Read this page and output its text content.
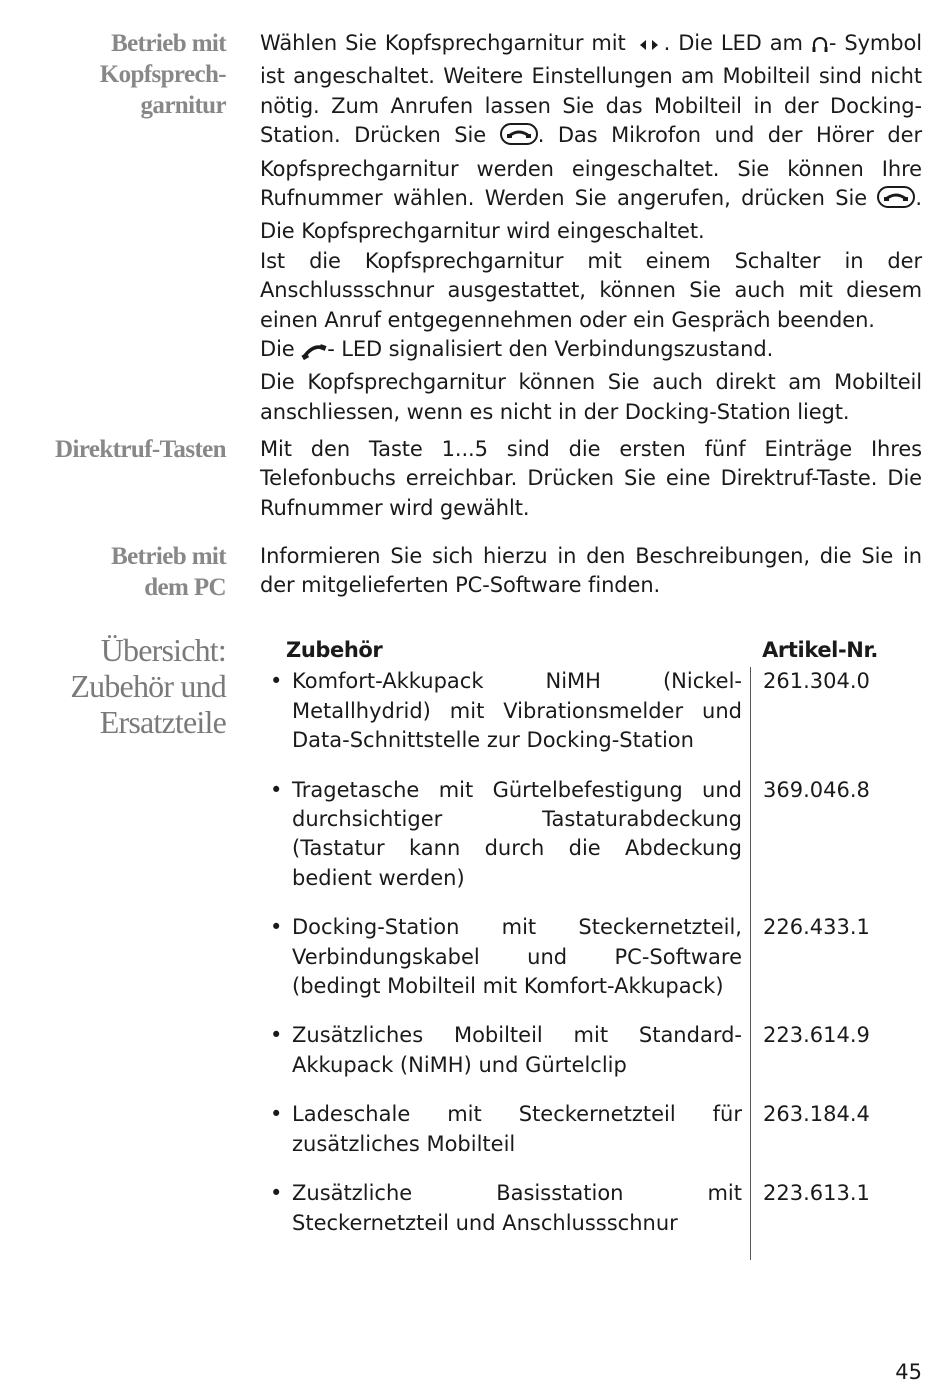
Betrieb mit
Kopfsprech-
garnitur
Direktruf-Tasten
Betrieb mit
dem PC
Übersicht:
Zubehör und
Ersatzteile

Wählen Sie Kopfsprechgarnitur mit . Die LED am - Symbol ist angeschaltet. Weitere Einstellungen am Mobilteil sind nicht nötig. Zum Anrufen lassen Sie das Mobilteil in der Docking-Station. Drücken Sie . Das Mikrofon und der Hörer der Kopfsprechgarnitur werden eingeschaltet. Sie können Ihre Rufnummer wählen. Werden Sie angerufen, drücken Sie . Die Kopfsprechgarnitur wird eingeschaltet.

Ist die Kopfsprechgarnitur mit einem Schalter in der Anschlussschnur ausgestattet, können Sie auch mit diesem einen Anruf entgegennehmen oder ein Gespräch beenden.

Die - LED signalisiert den Verbindungszustand.

Die Kopfsprechgarnitur können Sie auch direkt am Mobilteil anschliessen, wenn es nicht in der Docking-Station liegt.

Mit den Taste 1...5 sind die ersten fünf Einträge Ihres Telefonbuchs erreichbar. Drücken Sie eine Direktruf-Taste. Die Rufnummer wird gewählt.

Informieren Sie sich hierzu in den Beschreibungen, die Sie in der mitgelieferten PC-Software finden.

Zubehör	Artikel-Nr.

• Komfort-Akkupack NiMH (Nickel-Metallhydrid) mit Vibrationsmelder und Data-Schnittstelle zur Docking-Station	261.304.0

• Tragetasche mit Gürtelbefestigung und durchsichtiger Tastaturabdeckung (Tastatur kann durch die Abdeckung bedient werden)	369.046.8

• Docking-Station mit Steckernetzteil, Verbindungskabel und PC-Software (bedingt Mobilteil mit Komfort-Akkupack)	226.433.1

• Zusätzliches Mobilteil mit Standard-Akkupack (NiMH) und Gürtelclip	223.614.9

• Ladeschale mit Steckernetzteil für zusätzliches Mobilteil	263.184.4

• Zusätzliche Basisstation mit Steckernetzteil und Anschlussschnur	223.613.1

45
